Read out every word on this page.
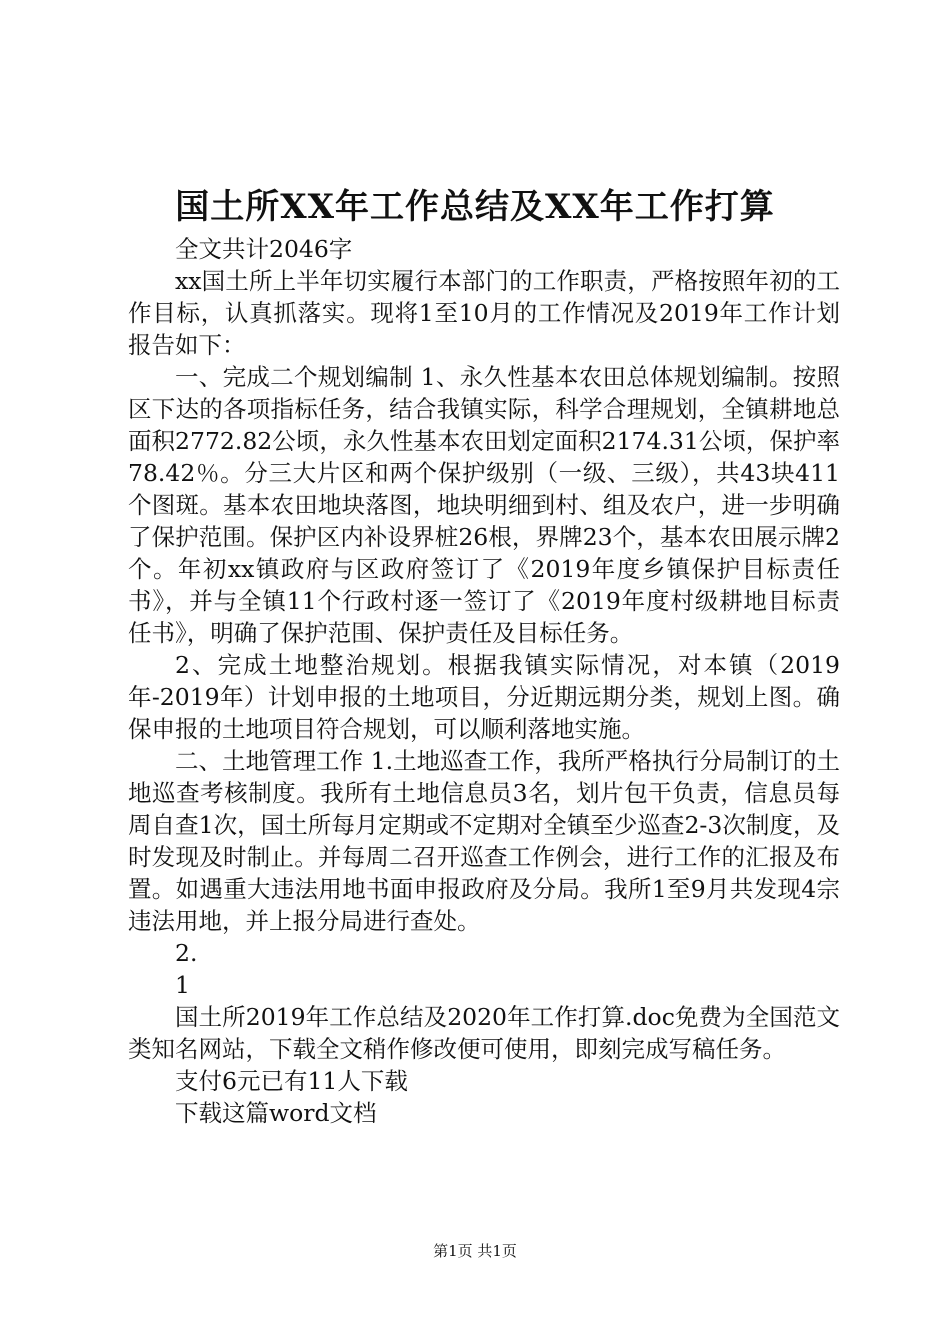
国土所XX年工作总结及XX年工作打算

全文共计2046字

xx国土所上半年切实履行本部门的工作职责，严格按照年初的工作目标，认真抓落实。现将1至10月的工作情况及2019年工作计划报告如下：

一、完成二个规划编制 1、永久性基本农田总体规划编制。按照区下达的各项指标任务，结合我镇实际，科学合理规划，全镇耕地总面积2772.82公顷，永久性基本农田划定面积2174.31公顷，保护率78.42％。分三大片区和两个保护级别（一级、三级），共43块411个图斑。基本农田地块落图，地块明细到村、组及农户，进一步明确了保护范围。保护区内补设界桩26根，界牌23个，基本农田展示牌2个。年初xx镇政府与区政府签订了《2019年度乡镇保护目标责任书》，并与全镇11个行政村逐一签订了《2019年度村级耕地目标责任书》，明确了保护范围、保护责任及目标任务。

2、完成土地整治规划。根据我镇实际情况，对本镇（2019年-2019年）计划申报的土地项目，分近期远期分类，规划上图。确保申报的土地项目符合规划，可以顺利落地实施。

二、土地管理工作 1.土地巡查工作，我所严格执行分局制订的土地巡查考核制度。我所有土地信息员3名，划片包干负责，信息员每周自查1次，国土所每月定期或不定期对全镇至少巡查2-3次制度，及时发现及时制止。并每周二召开巡查工作例会，进行工作的汇报及布置。如遇重大违法用地书面申报政府及分局。我所1至9月共发现4宗违法用地，并上报分局进行查处。

2.

1

国土所2019年工作总结及2020年工作打算.doc免费为全国范文类知名网站，下载全文稍作修改便可使用，即刻完成写稿任务。

支付6元已有11人下载

下载这篇word文档

第1页 共1页
